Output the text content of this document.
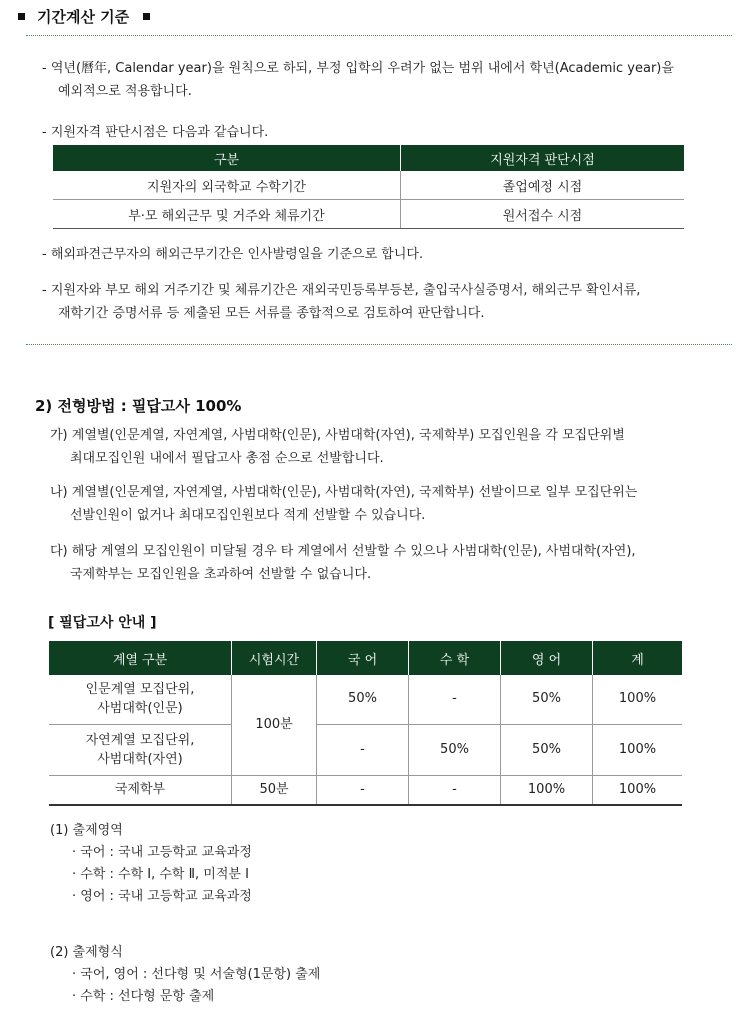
기간계산 기준
- 역년(曆年, Calendar year)을 원칙으로 하되, 부정 입학의 우려가 없는 범위 내에서 학년(Academic year)을
예외적으로 적용합니다.
- 지원자격 판단시점은 다음과 같습니다.
구분	지원자격 판단시점
지원자의 외국학교 수학기간	졸업예정 시점
부·모 해외근무 및 거주와 체류기간	원서접수 시점
- 해외파견근무자의 해외근무기간은 인사발령일을 기준으로 합니다.
- 지원자와 부모 해외 거주기간 및 체류기간은 재외국민등록부등본, 출입국사실증명서, 해외근무 확인서류,
재학기간 증명서류 등 제출된 모든 서류를 종합적으로 검토하여 판단합니다.
2) 전형방법 : 필답고사 100%
가) 계열별(인문계열, 자연계열, 사범대학(인문), 사범대학(자연), 국제학부) 모집인원을 각 모집단위별
최대모집인원 내에서 필답고사 총점 순으로 선발합니다.
나) 계열별(인문계열, 자연계열, 사범대학(인문), 사범대학(자연), 국제학부) 선발이므로 일부 모집단위는
선발인원이 없거나 최대모집인원보다 적게 선발할 수 있습니다.
다) 해당 계열의 모집인원이 미달될 경우 타 계열에서 선발할 수 있으나 사범대학(인문), 사범대학(자연),
국제학부는 모집인원을 초과하여 선발할 수 없습니다.
[ 필답고사 안내 ]
계열 구분	시험시간	국 어	수 학	영 어	계

인문계열 모집단위,
사범대학(인문)	100분	50%	-	50%	100%

자연계열 모집단위,
사범대학(자연)		-	50%	50%	100%
국제학부	50분	-	-	100%	100%
(1) 출제영역
· 국어 : 국내 고등학교 교육과정
· 수학 : 수학 Ⅰ, 수학 Ⅱ, 미적분 Ⅰ
· 영어 : 국내 고등학교 교육과정
(2) 출제형식
· 국어, 영어 : 선다형 및 서술형(1문항) 출제
· 수학 : 선다형 문항 출제
